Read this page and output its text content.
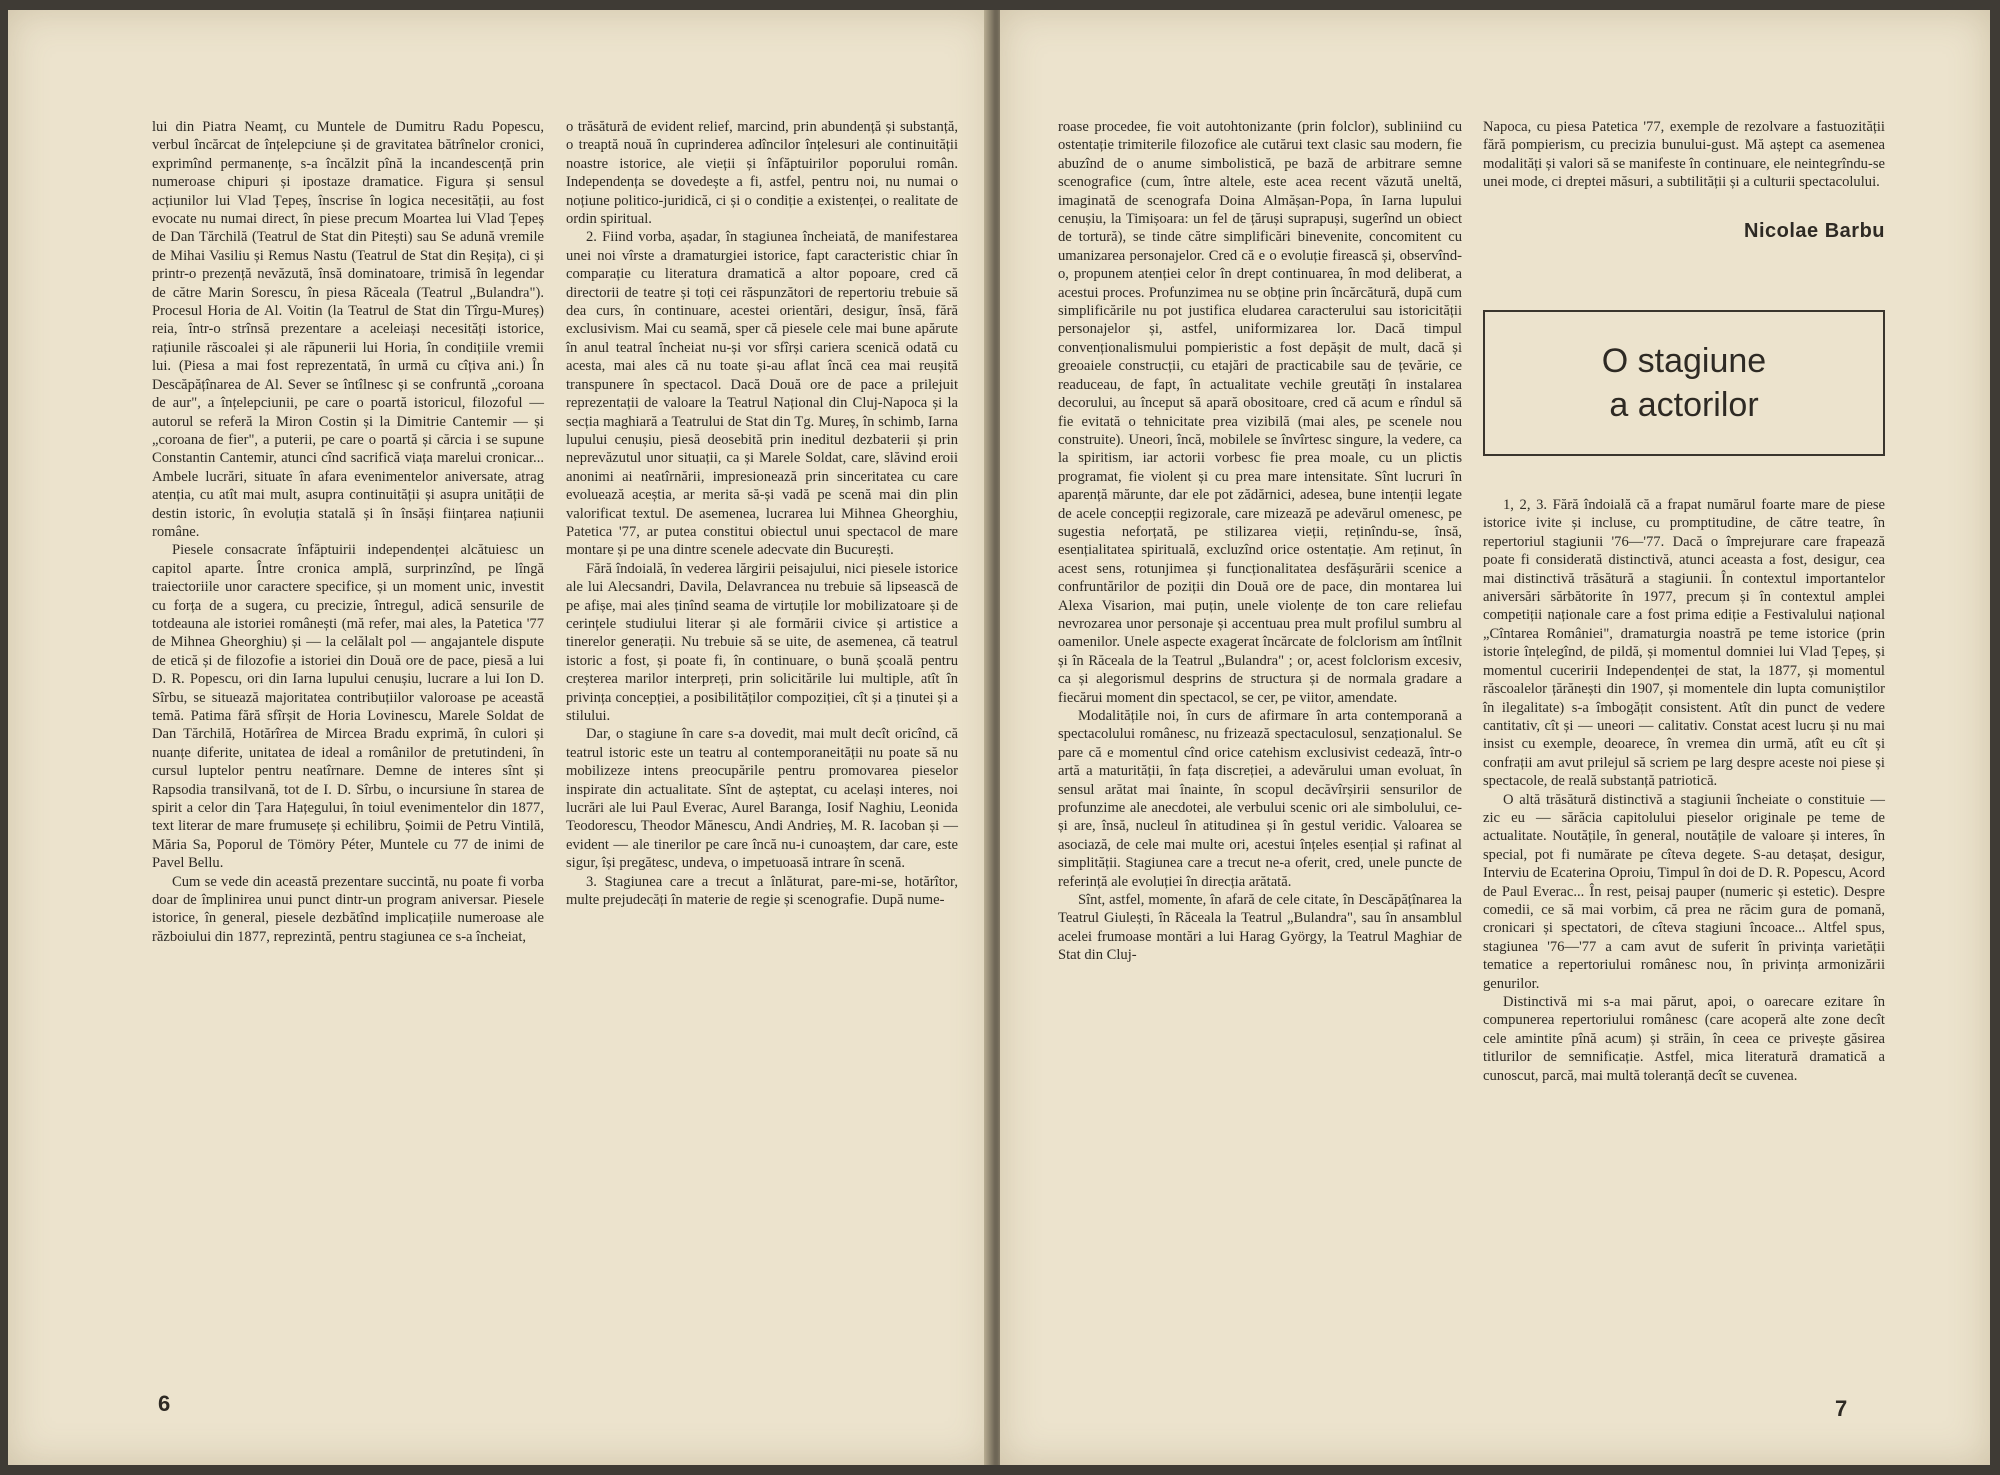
lui din Piatra Neamț, cu Muntele de Dumitru Radu Popescu, verbul încărcat de înțelepciune și de gravitatea bătrînelor cronici, exprimînd permanențe, s-a încălzit pînă la incandescență prin numeroase chipuri și ipostaze dramatice. Figura și sensul acțiunilor lui Vlad Țepeș, înscrise în logica necesității, au fost evocate nu numai direct, în piese precum Moartea lui Vlad Țepeș de Dan Tărchilă (Teatrul de Stat din Pitești) sau Se adună vremile de Mihai Vasiliu și Remus Nastu (Teatrul de Stat din Reșița), ci și printr-o prezență nevăzută, însă dominatoare, trimisă în legendar de către Marin Sorescu, în piesa Răceala (Teatrul „Bulandra"). Procesul Horia de Al. Voitin (la Teatrul de Stat din Tîrgu-Mureș) reia, într-o strînsă prezentare a aceleiași necesități istorice, rațiunile răscoalei și ale răpunerii lui Horia, în condițiile vremii lui. (Piesa a mai fost reprezentată, în urmă cu cîțiva ani.) În Descăpățînarea de Al. Sever se întîlnesc și se confruntă „coroana de aur", a înțelepciunii, pe care o poartă istoricul, filozoful — autorul se referă la Miron Costin și la Dimitrie Cantemir — și „coroana de fier", a puterii, pe care o poartă și cărcia i se supune Constantin Cantemir, atunci cînd sacrifică viața marelui cronicar... Ambele lucrări, situate în afara evenimentelor aniversate, atrag atenția, cu atît mai mult, asupra continuității și asupra unității de destin istoric, în evoluția statală și în însăși ființarea națiunii române.

Piesele consacrate înfăptuirii independenței alcătuiesc un capitol aparte. Între cronica amplă, surprinzînd, pe lîngă traiectoriile unor caractere specifice, și un moment unic, investit cu forța de a sugera, cu precizie, întregul, adică sensurile de totdeauna ale istoriei românești (mă refer, mai ales, la Patetica '77 de Mihnea Gheorghiu) și — la celălalt pol — angajantele dispute de etică și de filozofie a istoriei din Două ore de pace, piesă a lui D. R. Popescu, ori din Iarna lupului cenușiu, lucrare a lui Ion D. Sîrbu, se situează majoritatea contribuțiilor valoroase pe această temă. Patima fără sfîrșit de Horia Lovinescu, Marele Soldat de Dan Tărchilă, Hotărîrea de Mircea Bradu exprimă, în culori și nuanțe diferite, unitatea de ideal a românilor de pretutindeni, în cursul luptelor pentru neatîrnare. Demne de interes sînt și Rapsodia transilvană, tot de I. D. Sîrbu, o incursiune în starea de spirit a celor din Țara Hațegului, în toiul evenimentelor din 1877, text literar de mare frumusețe și echilibru, Șoimii de Petru Vintilă, Măria Sa, Poporul de Tömöry Péter, Muntele cu 77 de inimi de Pavel Bellu.

Cum se vede din această prezentare succintă, nu poate fi vorba doar de împlinirea unui punct dintr-un program aniversar. Piesele istorice, în general, piesele dezbătînd implicațiile numeroase ale războiului din 1877, reprezintă, pentru stagiunea ce s-a încheiat,

o trăsătură de evident relief, marcind, prin abundență și substanță, o treaptă nouă în cuprinderea adîncilor înțelesuri ale continuității noastre istorice, ale vieții și înfăptuirilor poporului român. Independența se dovedește a fi, astfel, pentru noi, nu numai o noțiune politico-juridică, ci și o condiție a existenței, o realitate de ordin spiritual.

2. Fiind vorba, așadar, în stagiunea încheiată, de manifestarea unei noi vîrste a dramaturgiei istorice, fapt caracteristic chiar în comparație cu literatura dramatică a altor popoare, cred că directorii de teatre și toți cei răspunzători de repertoriu trebuie să dea curs, în continuare, acestei orientări, desigur, însă, fără exclusivism. Mai cu seamă, sper că piesele cele mai bune apărute în anul teatral încheiat nu-și vor sfîrși cariera scenică odată cu acesta, mai ales că nu toate și-au aflat încă cea mai reușită transpunere în spectacol. Dacă Două ore de pace a prilejuit reprezentații de valoare la Teatrul Național din Cluj-Napoca și la secția maghiară a Teatrului de Stat din Tg. Mureș, în schimb, Iarna lupului cenușiu, piesă deosebită prin ineditul dezbaterii și prin neprevăzutul unor situații, ca și Marele Soldat, care, slăvind eroii anonimi ai neatîrnării, impresionează prin sinceritatea cu care evoluează aceștia, ar merita să-și vadă pe scenă mai din plin valorificat textul. De asemenea, lucrarea lui Mihnea Gheorghiu, Patetica '77, ar putea constitui obiectul unui spectacol de mare montare și pe una dintre scenele adecvate din București.

Fără îndoială, în vederea lărgirii peisajului, nici piesele istorice ale lui Alecsandri, Davila, Delavrancea nu trebuie să lipsească de pe afișe, mai ales ținînd seama de virtuțile lor mobilizatoare și de cerințele studiului literar și ale formării civice și artistice a tinerelor generații. Nu trebuie să se uite, de asemenea, că teatrul istoric a fost, și poate fi, în continuare, o bună școală pentru creșterea marilor interpreți, prin solicitările lui multiple, atît în privința concepției, a posibilităților compoziției, cît și a ținutei și a stilului.

Dar, o stagiune în care s-a dovedit, mai mult decît oricînd, că teatrul istoric este un teatru al contemporaneității nu poate să nu mobilizeze intens preocupările pentru promovarea pieselor inspirate din actualitate. Sînt de așteptat, cu același interes, noi lucrări ale lui Paul Everac, Aurel Baranga, Iosif Naghiu, Leonida Teodorescu, Theodor Mănescu, Andi Andrieș, M. R. Iacoban și — evident — ale tinerilor pe care încă nu-i cunoaștem, dar care, este sigur, își pregătesc, undeva, o impetuoasă intrare în scenă.

3. Stagiunea care a trecut a înlăturat, pare-mi-se, hotărîtor, multe prejudecăți în materie de regie și scenografie. După nume-

6

roase procedee, fie voit autohtonizante (prin folclor), subliniind cu ostentație trimiterile filozofice ale cutărui text clasic sau modern, fie abuzînd de o anume simbolistică, pe bază de arbitrare semne scenografice (cum, între altele, este acea recent văzută uneltă, imaginată de scenografa Doina Almășan-Popa, în Iarna lupului cenușiu, la Timișoara: un fel de țăruși suprapuși, sugerînd un obiect de tortură), se tinde către simplificări binevenite, concomitent cu umanizarea personajelor. Cred că e o evoluție firească și, observînd-o, propunem atenției celor în drept continuarea, în mod deliberat, a acestui proces. Profunzimea nu se obține prin încărcătură, după cum simplificările nu pot justifica eludarea caracterului sau istoricității personajelor și, astfel, uniformizarea lor. Dacă timpul convenționalismului pompieristic a fost depășit de mult, dacă și greoaiele construcții, cu etajări de practicabile sau de țevărie, ce readuceau, de fapt, în actualitate vechile greutăți în instalarea decorului, au început să apară obositoare, cred că acum e rîndul să fie evitată o tehnicitate prea vizibilă (mai ales, pe scenele nou construite). Uneori, încă, mobilele se învîrtesc singure, la vedere, ca la spiritism, iar actorii vorbesc fie prea moale, cu un plictis programat, fie violent și cu prea mare intensitate. Sînt lucruri în aparență mărunte, dar ele pot zădărnici, adesea, bune intenții legate de acele concepții regizorale, care mizează pe adevărul omenesc, pe sugestia neforțată, pe stilizarea vieții, reținîndu-se, însă, esențialitatea spirituală, excluzînd orice ostentație. Am reținut, în acest sens, rotunjimea și funcționalitatea desfășurării scenice a confruntărilor de poziții din Două ore de pace, din montarea lui Alexa Visarion, mai puțin, unele violențe de ton care reliefau nevrozarea unor personaje și accentuau prea mult profilul sumbru al oamenilor. Unele aspecte exagerat încărcate de folclorism am întîlnit și în Răceala de la Teatrul „Bulandra" ; or, acest folclorism excesiv, ca și alegorismul desprins de structura și de normala gradare a fiecărui moment din spectacol, se cer, pe viitor, amendate.

Modalitățile noi, în curs de afirmare în arta contemporană a spectacolului românesc, nu frizează spectaculosul, senzaționalul. Se pare că e momentul cînd orice catehism exclusivist cedează, într-o artă a maturității, în fața discreției, a adevărului uman evoluat, în sensul arătat mai înainte, în scopul decăvîrșirii sensurilor de profunzime ale anecdotei, ale verbului scenic ori ale simbolului, ce-și are, însă, nucleul în atitudinea și în gestul veridic. Valoarea se asociază, de cele mai multe ori, acestui înțeles esențial și rafinat al simplității. Stagiunea care a trecut ne-a oferit, cred, unele puncte de referință ale evoluției în direcția arătată.

Sînt, astfel, momente, în afară de cele citate, în Descăpățînarea la Teatrul Giulești, în Răceala la Teatrul „Bulandra", sau în ansamblul acelei frumoase montări a lui Harag György, la Teatrul Maghiar de Stat din Cluj-

Napoca, cu piesa Patetica '77, exemple de rezolvare a fastuozității fără pompierism, cu precizia bunului-gust. Mă aștept ca asemenea modalități și valori să se manifeste în continuare, ele neintegrîndu-se unei mode, ci dreptei măsuri, a subtilității și a culturii spectacolului.

Nicolae Barbu
O stagiune
a actorilor

1, 2, 3. Fără îndoială că a frapat numărul foarte mare de piese istorice ivite și incluse, cu promptitudine, de către teatre, în repertoriul stagiunii '76—'77. Dacă o împrejurare care frapează poate fi considerată distinctivă, atunci aceasta a fost, desigur, cea mai distinctivă trăsătură a stagiunii. În contextul importantelor aniversări sărbătorite în 1977, precum și în contextul amplei competiții naționale care a fost prima ediție a Festivalului național „Cîntarea României", dramaturgia noastră pe teme istorice (prin istorie înțelegînd, de pildă, și momentul domniei lui Vlad Țepeș, și momentul cuceririi Independenței de stat, la 1877, și momentul răscoalelor țărănești din 1907, și momentele din lupta comuniștilor în ilegalitate) s-a îmbogățit consistent. Atît din punct de vedere cantitativ, cît și — uneori — calitativ. Constat acest lucru și nu mai insist cu exemple, deoarece, în vremea din urmă, atît eu cît și confrații am avut prilejul să scriem pe larg despre aceste noi piese și spectacole, de reală substanță patriotică.

O altă trăsătură distinctivă a stagiunii încheiate o constituie — zic eu — sărăcia capitolului pieselor originale pe teme de actualitate. Noutățile, în general, noutățile de valoare și interes, în special, pot fi numărate pe cîteva degete. S-au detașat, desigur, Interviu de Ecaterina Oproiu, Timpul în doi de D. R. Popescu, Acord de Paul Everac... În rest, peisaj pauper (numeric și estetic). Despre comedii, ce să mai vorbim, că prea ne răcim gura de pomană, cronicari și spectatori, de cîteva stagiuni încoace... Altfel spus, stagiunea '76—'77 a cam avut de suferit în privința varietății tematice a repertoriului românesc nou, în privința armonizării genurilor.

Distinctivă mi s-a mai părut, apoi, o oarecare ezitare în compunerea repertoriului românesc (care acoperă alte zone decît cele amintite pînă acum) și străin, în ceea ce privește găsirea titlurilor de semnificație. Astfel, mica literatură dramatică a cunoscut, parcă, mai multă toleranță decît se cuvenea.

7
